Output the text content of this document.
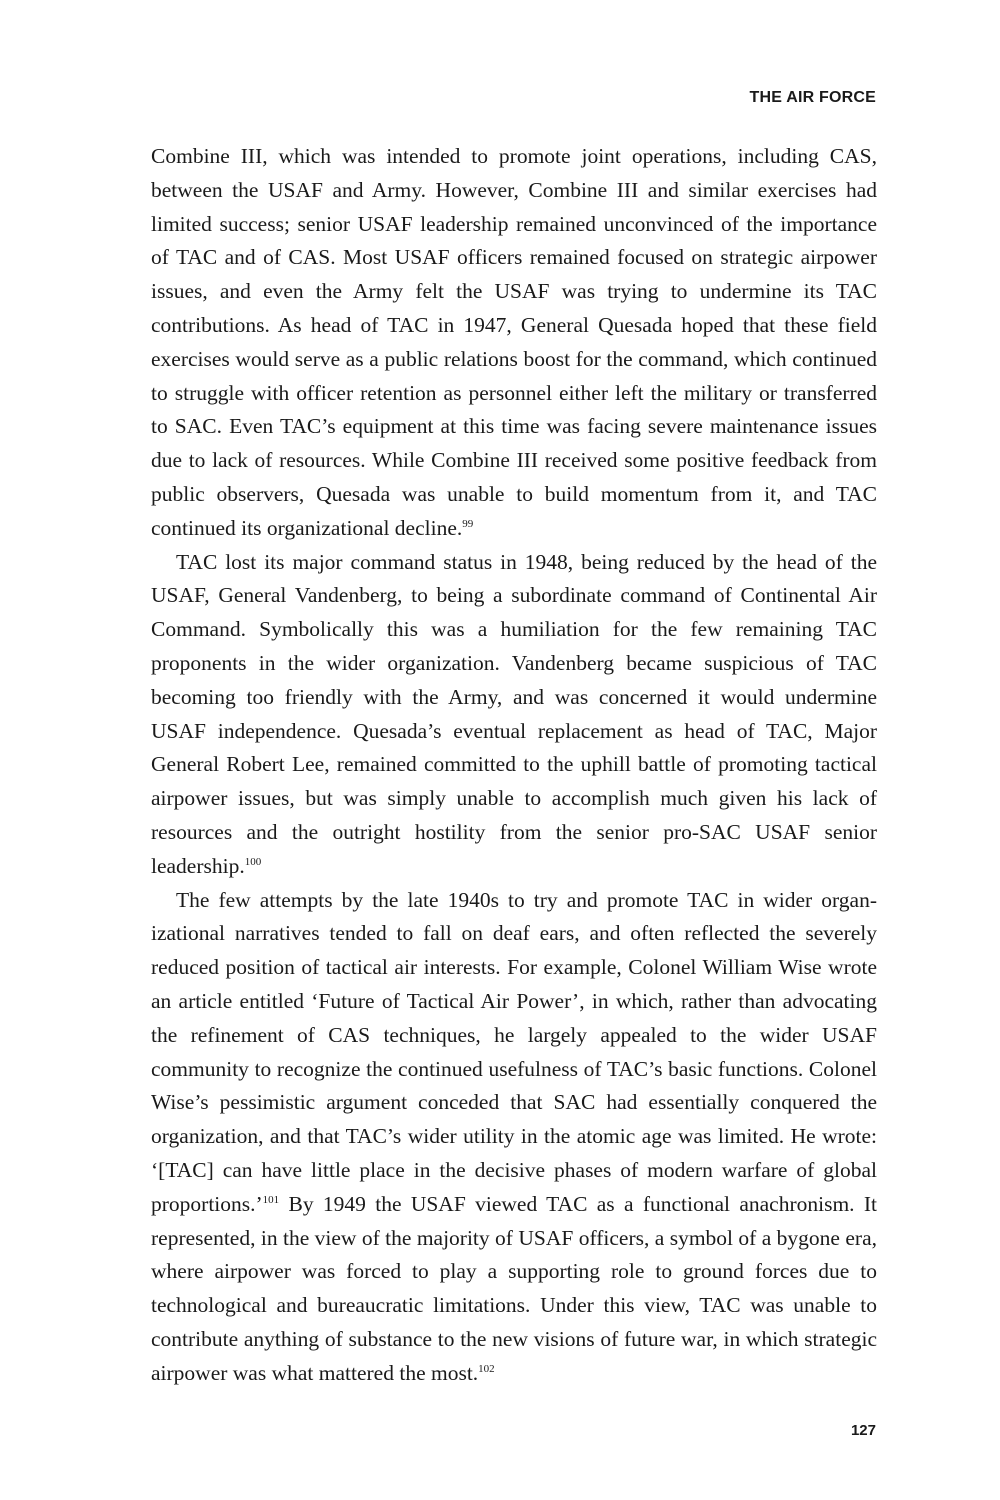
THE AIR FORCE

Combine III, which was intended to promote joint operations, including CAS, between the USAF and Army. However, Combine III and similar exercises had limited success; senior USAF leadership remained unconvinced of the importance of TAC and of CAS. Most USAF officers remained focused on strategic airpower issues, and even the Army felt the USAF was trying to undermine its TAC contributions. As head of TAC in 1947, General Quesada hoped that these field exercises would serve as a public relations boost for the command, which continued to struggle with officer retention as personnel either left the military or transferred to SAC. Even TAC’s equipment at this time was facing severe maintenance issues due to lack of resources. While Combine III received some positive feedback from public observers, Quesada was unable to build momentum from it, and TAC continued its organizational decline.$^{99}$

TAC lost its major command status in 1948, being reduced by the head of the USAF, General Vandenberg, to being a subordinate command of Continental Air Command. Symbolically this was a humiliation for the few remaining TAC proponents in the wider organization. Vandenberg became suspicious of TAC becoming too friendly with the Army, and was concerned it would undermine USAF independence. Quesada’s eventual replacement as head of TAC, Major General Robert Lee, remained committed to the uphill battle of promoting tactical airpower issues, but was simply unable to accomplish much given his lack of resources and the outright hostility from the senior pro-SAC USAF senior leadership.$^{100}$

The few attempts by the late 1940s to try and promote TAC in wider organizational narratives tended to fall on deaf ears, and often reflected the severely reduced position of tactical air interests. For example, Colonel William Wise wrote an article entitled ‘Future of Tactical Air Power’, in which, rather than advocating the refinement of CAS techniques, he largely appealed to the wider USAF community to recognize the continued usefulness of TAC’s basic functions. Colonel Wise’s pessimistic argument conceded that SAC had essentially conquered the organization, and that TAC’s wider utility in the atomic age was limited. He wrote: ‘[TAC] can have little place in the decisive phases of modern warfare of global proportions.’$^{101}$ By 1949 the USAF viewed TAC as a functional anachronism. It represented, in the view of the majority of USAF officers, a symbol of a bygone era, where airpower was forced to play a supporting role to ground forces due to technological and bureaucratic limitations. Under this view, TAC was unable to contribute anything of substance to the new visions of future war, in which strategic airpower was what mattered the most.$^{102}$

127
